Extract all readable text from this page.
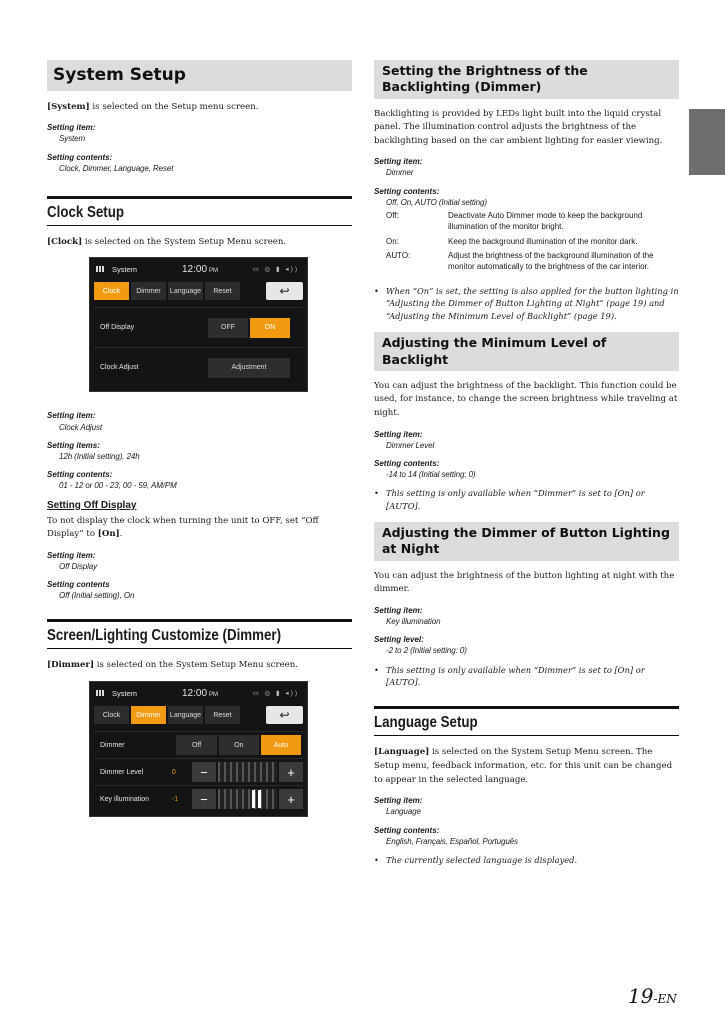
System Setup

[System] is selected on the Setup menu screen.

Setting item:
System
Setting contents:
Clock, Dimmer, Language, Reset
Clock Setup

[Clock] is selected on the System Setup Menu screen.

System	12:00 PM	▭ ◎ ▮ ◂))
Clock	Dimmer	Language	Reset	↩
Off Display	OFF	ON
Clock Adjust	Adjustment
Setting item:
Clock Adjust
Setting items:
12h (Initial setting), 24h
Setting contents:
01 - 12 or 00 - 23, 00 - 59, AM/PM
Setting Off Display

To not display the clock when turning the unit to OFF, set “Off Display” to [On].

Setting item:
Off Display
Setting contents
Off (Initial setting), On
Screen/Lighting Customize (Dimmer)

[Dimmer] is selected on the System Setup Menu screen.

System	12:00 PM	▭ ◎ ▮ ◂))
Clock	Dimmer	Language	Reset	↩
Dimmer	Off	On	Auto
Dimmer Level	0	−	+
Key illumination	-1	−	+
Setting the Brightness of the Backlighting (Dimmer)

Backlighting is provided by LEDs light built into the liquid crystal panel. The illumination control adjusts the brightness of the backlighting based on the car ambient lighting for easier viewing.

Setting item:
Dimmer
Setting contents:
Off, On, AUTO (Initial setting)
Off:	Deactivate Auto Dimmer mode to keep the background illumination of the monitor bright.
On:	Keep the background illumination of the monitor dark.
AUTO:	Adjust the brightness of the background illumination of the monitor automatically to the brightness of the car interior.
• When “On” is set, the setting is also applied for the button lighting in “Adjusting the Dimmer of Button Lighting at Night” (page 19) and “Adjusting the Minimum Level of Backlight” (page 19).
Adjusting the Minimum Level of Backlight

You can adjust the brightness of the backlight. This function could be used, for instance, to change the screen brightness while traveling at night.

Setting item:
Dimmer Level
Setting contents:
-14 to 14 (Initial setting: 0)
• This setting is only available when “Dimmer” is set to [On] or [AUTO].
Adjusting the Dimmer of Button Lighting at Night

You can adjust the brightness of the button lighting at night with the dimmer.

Setting item:
Key illumination
Setting level:
-2 to 2 (Initial setting: 0)
• This setting is only available when “Dimmer” is set to [On] or [AUTO].
Language Setup

[Language] is selected on the System Setup Menu screen. The Setup menu, feedback information, etc. for this unit can be changed to appear in the selected language.

Setting item:
Language
Setting contents:
English, Français, Español, Português
• The currently selected language is displayed.
19-EN
